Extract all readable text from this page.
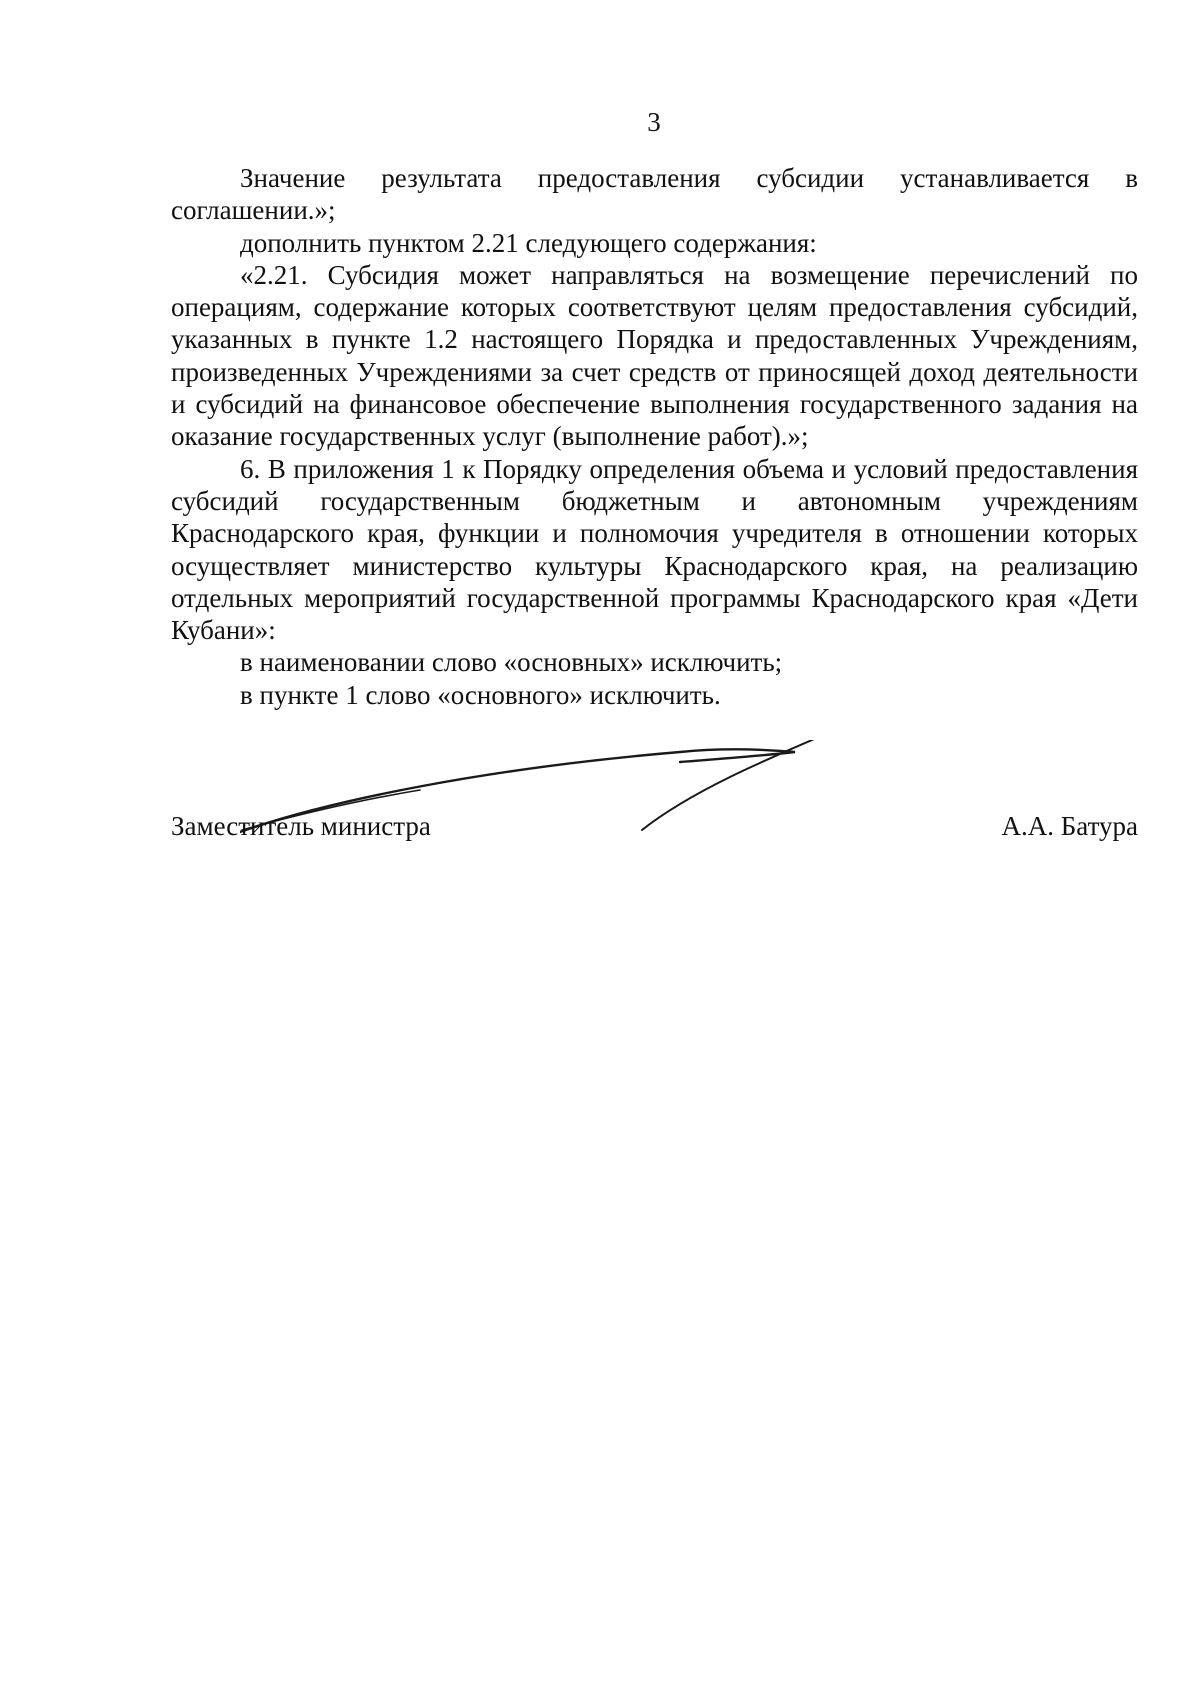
3

Значение результата предоставления субсидии устанавливается в соглашении.»;

дополнить пунктом 2.21 следующего содержания:

«2.21. Субсидия может направляться на возмещение перечислений по операциям, содержание которых соответствуют целям предоставления субсидий, указанных в пункте 1.2 настоящего Порядка и предоставленных Учреждениям, произведенных Учреждениями за счет средств от приносящей доход деятельности и субсидий на финансовое обеспечение выполнения государственного задания на оказание государственных услуг (выполнение работ).»;

6. В приложения 1 к Порядку определения объема и условий предоставления субсидий государственным бюджетным и автономным учреждениям Краснодарского края, функции и полномочия учредителя в отношении которых осуществляет министерство культуры Краснодарского края, на реализацию отдельных мероприятий государственной программы Краснодарского края «Дети Кубани»:

в наименовании слово «основных» исключить;

в пункте 1 слово «основного» исключить.

Заместитель министра	А.А. Батура
